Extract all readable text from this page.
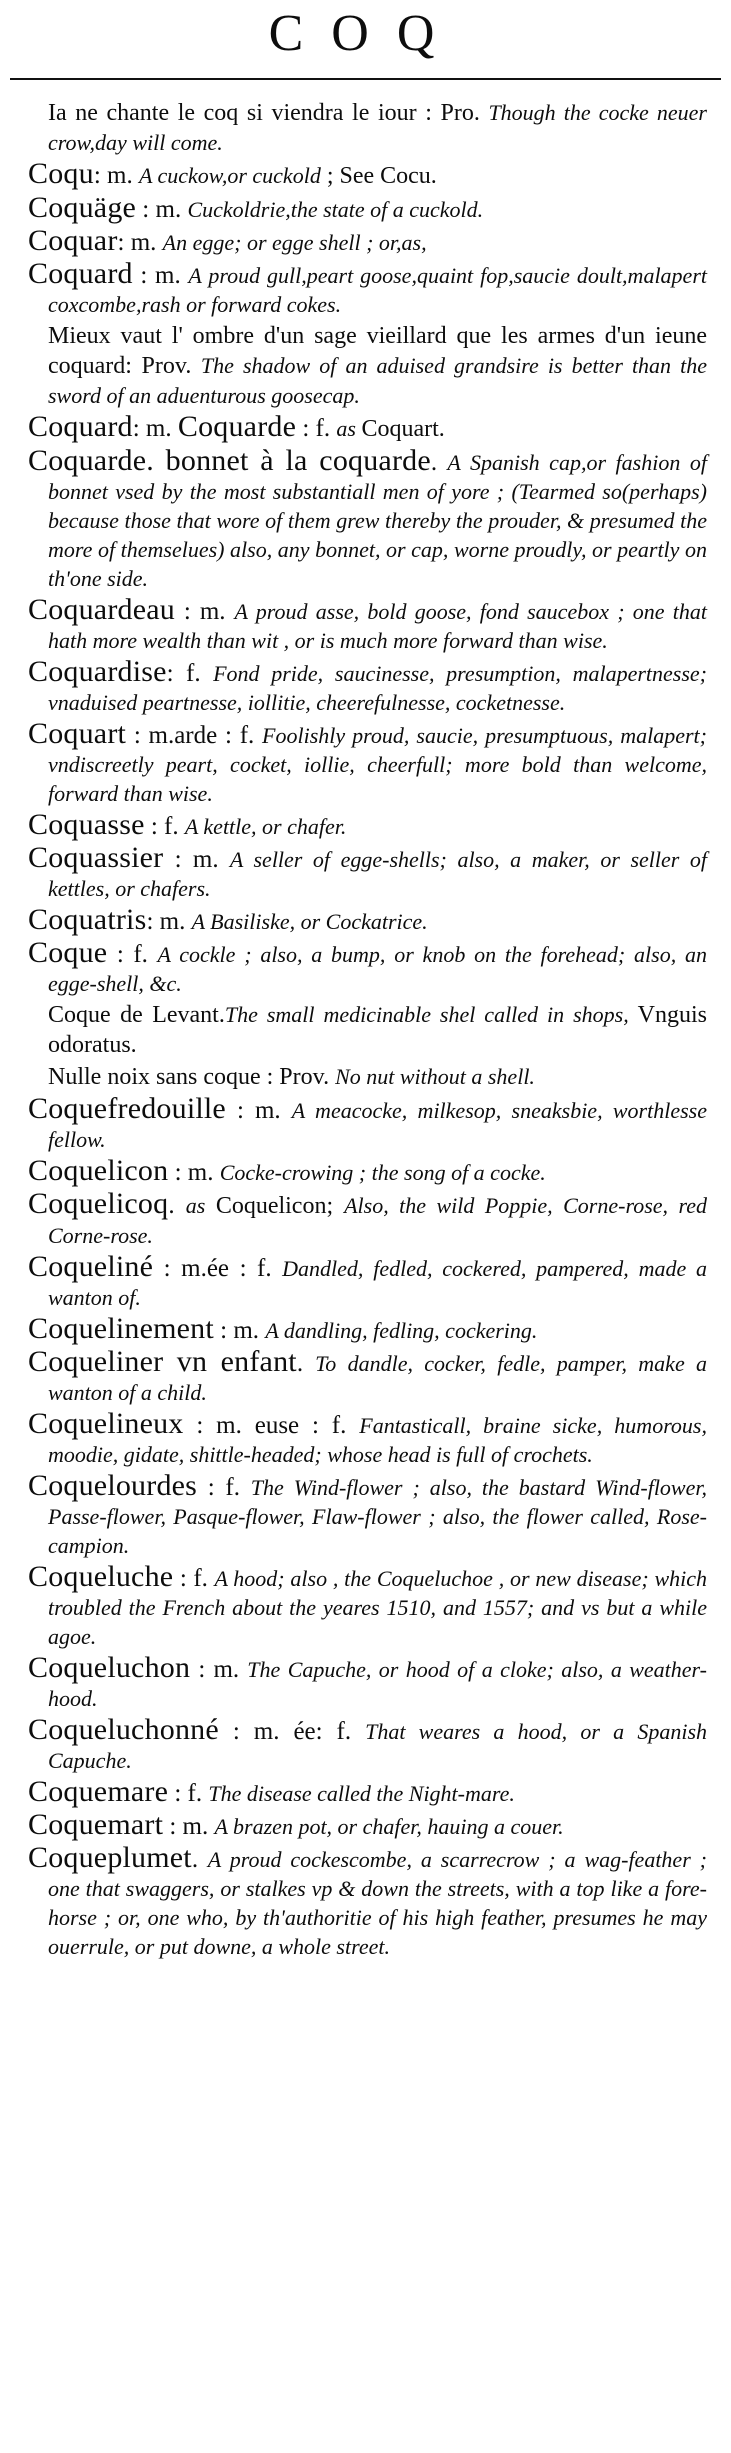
COQ

Ia ne chante le coq si viendra le iour : Pro. Though the cocke neuer crow,day will come.

Coqu: m. A cuckow,or cuckold ; See Cocu.

Coquäge : m. Cuckoldrie,the state of a cuckold.

Coquar: m. An egge; or egge shell ; or,as,

Coquard : m. A proud gull,peart goose,quaint fop,saucie doult,malapert coxcombe,rash or forward cokes.

Mieux vaut l' ombre d'un sage vieillard que les armes d'un ieune coquard: Prov. The shadow of an aduised grandsire is better than the sword of an aduenturous goosecap.

Coquard: m. Coquarde : f. as Coquart.

Coquarde. bonnet à la coquarde. A Spanish cap,or fashion of bonnet vsed by the most substantiall men of yore ; (Tearmed so(perhaps) because those that wore of them grew thereby the prouder, & presumed the more of themselues) also, any bonnet, or cap, worne proudly, or peartly on th'one side.

Coquardeau : m. A proud asse, bold goose, fond saucebox ; one that hath more wealth than wit , or is much more forward than wise.

Coquardise: f. Fond pride, saucinesse, presumption, malapertnesse; vnaduised peartnesse, iollitie, cheerefulnesse, cocketnesse.

Coquart : m.arde : f. Foolishly proud, saucie, presumptuous, malapert; vndiscreetly peart, cocket, iollie, cheerfull; more bold than welcome, forward than wise.

Coquasse : f. A kettle, or chafer.

Coquassier : m. A seller of egge-shells; also, a maker, or seller of kettles, or chafers.

Coquatris: m. A Basiliske, or Cockatrice.

Coque : f. A cockle ; also, a bump, or knob on the forehead; also, an egge-shell, &c.

Coque de Levant.The small medicinable shel called in shops, Vnguis odoratus.

Nulle noix sans coque : Prov. No nut without a shell.

Coquefredouille : m. A meacocke, milkesop, sneaksbie, worthlesse fellow.

Coquelicon : m. Cocke-crowing ; the song of a cocke.

Coquelicoq. as Coquelicon; Also, the wild Poppie, Corne-rose, red Corne-rose.

Coqueliné : m.ée : f. Dandled, fedled, cockered, pampered, made a wanton of.

Coquelinement : m. A dandling, fedling, cockering.

Coqueliner vn enfant. To dandle, cocker, fedle, pamper, make a wanton of a child.

Coquelineux : m. euse : f. Fantasticall, braine sicke, humorous, moodie, gidate, shittle-headed; whose head is full of crochets.

Coquelourdes : f. The Wind-flower ; also, the bastard Wind-flower, Passe-flower, Pasque-flower, Flaw-flower ; also, the flower called, Rose-campion.

Coqueluche : f. A hood; also , the Coqueluchoe , or new disease; which troubled the French about the yeares 1510, and 1557; and vs but a while agoe.

Coqueluchon : m. The Capuche, or hood of a cloke; also, a weather-hood.

Coqueluchonné : m. ée: f. That weares a hood, or a Spanish Capuche.

Coquemare : f. The disease called the Night-mare.

Coquemart : m. A brazen pot, or chafer, hauing a couer.

Coqueplumet. A proud cockescombe, a scarrecrow ; a wag-feather ; one that swaggers, or stalkes vp & down the streets, with a top like a fore-horse ; or, one who, by th'authoritie of his high feather, presumes he may ouerrule, or put downe, a whole street.
